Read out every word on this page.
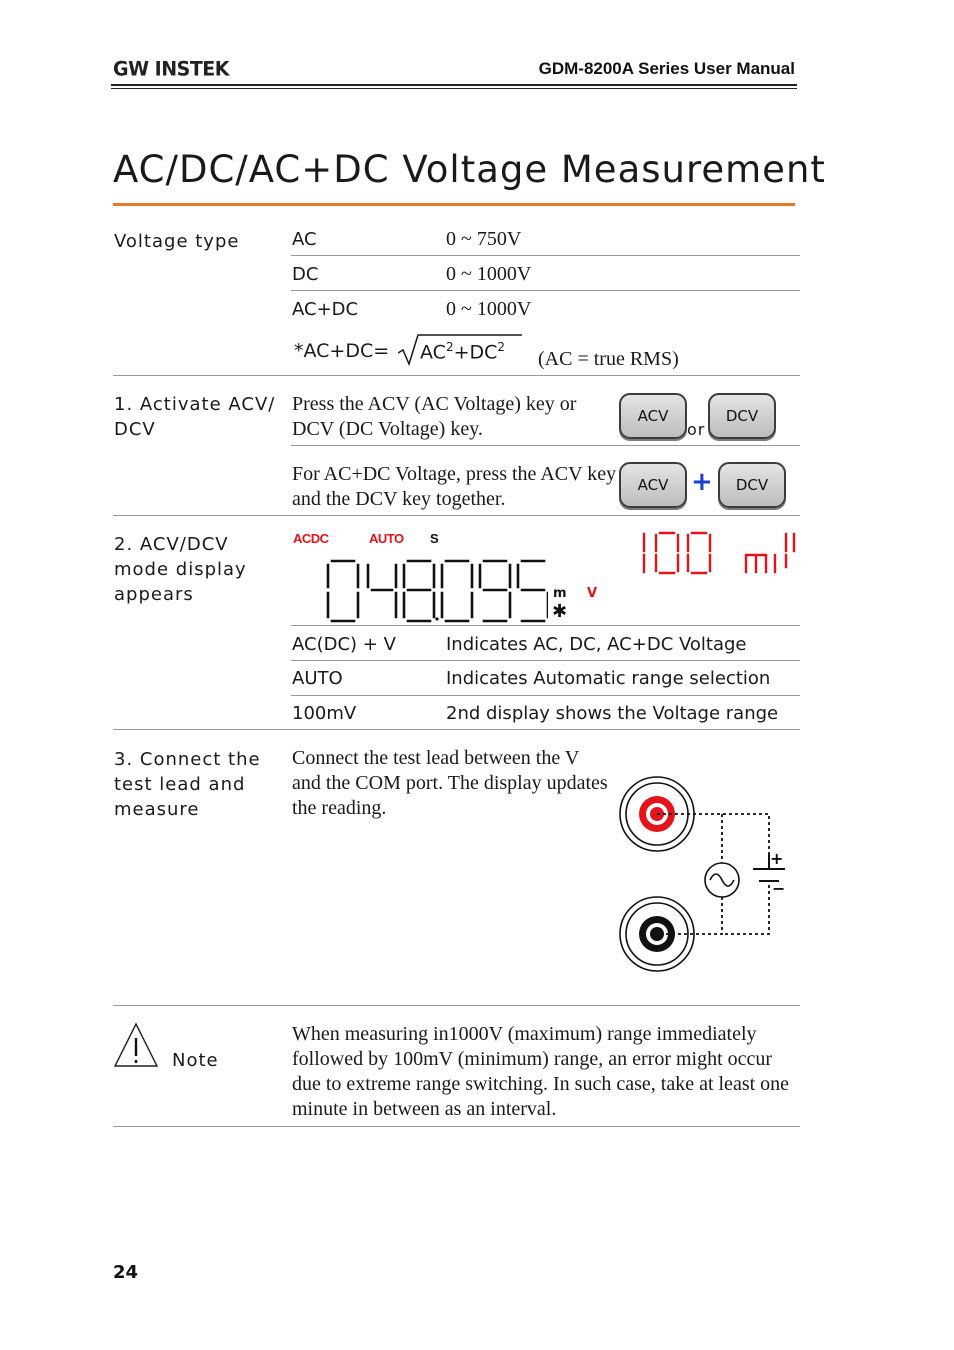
GW INSTEK	GDM-8200A Series User Manual
AC/DC/AC+DC Voltage Measurement
Voltage type	AC	0 ~ 750V
DC	0 ~ 1000V
AC+DC	0 ~ 1000V
$*AC+DC= AC^2+DC^2$
(AC = true RMS)
1. Activate ACV/ DCV
Press the ACV (AC Voltage) key or DCV (DC Voltage) key.
ACV
or
DCV
For AC+DC Voltage, press the ACV key and the DCV key together.
ACV +	DCV
2. ACV/DCV mode display appears
ACDC	AUTO S
m V
✱
AC(DC) + V	Indicates AC, DC, AC+DC Voltage
AUTO	Indicates Automatic range selection
100mV	2nd display shows the Voltage range
3. Connect the test lead and measure
Connect the test lead between the V and the COM port. The display updates the reading.
+
−
Note
When measuring in1000V (maximum) range immediately followed by 100mV (minimum) range, an error might occur due to extreme range switching. In such case, take at least one minute in between as an interval.
24
